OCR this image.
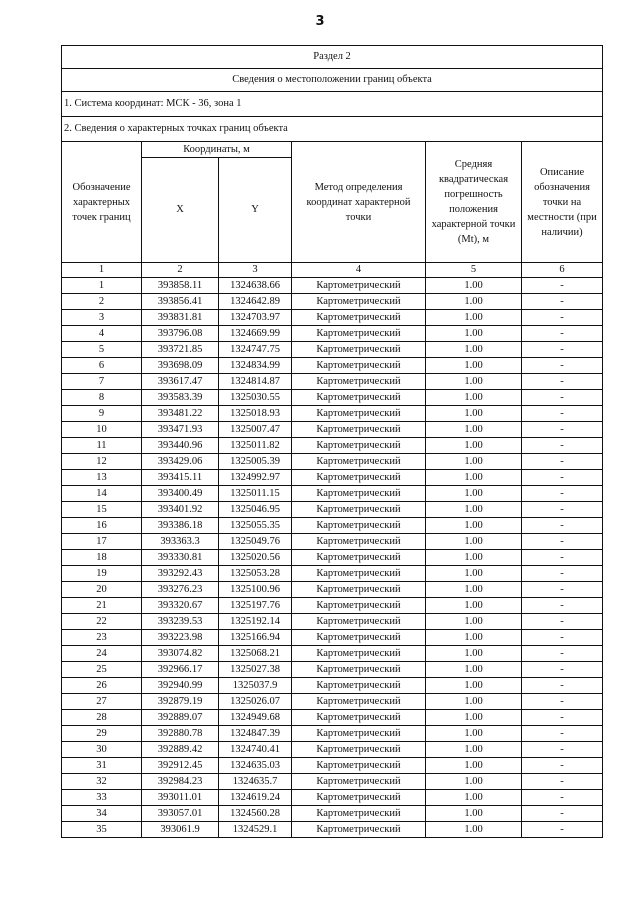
3
Раздел 2					
Сведения о местоположении границ объекта					
1. Система координат: МСК - 36, зона 1					
2. Сведения о характерных точках границ объекта					
Обозначение характерных точек границ	Координаты, м		Метод определения координат характерной точки	Средняя квадратическая погрешность положения характерной точки (Mt), м	Описание обозначения точки на местности (при наличии)
	X	Y			
1	2	3	4	5	6
1	393858.11	1324638.66	Картометрический	1.00	-
2	393856.41	1324642.89	Картометрический	1.00	-
3	393831.81	1324703.97	Картометрический	1.00	-
4	393796.08	1324669.99	Картометрический	1.00	-
5	393721.85	1324747.75	Картометрический	1.00	-
6	393698.09	1324834.99	Картометрический	1.00	-
7	393617.47	1324814.87	Картометрический	1.00	-
8	393583.39	1325030.55	Картометрический	1.00	-
9	393481.22	1325018.93	Картометрический	1.00	-
10	393471.93	1325007.47	Картометрический	1.00	-
11	393440.96	1325011.82	Картометрический	1.00	-
12	393429.06	1325005.39	Картометрический	1.00	-
13	393415.11	1324992.97	Картометрический	1.00	-
14	393400.49	1325011.15	Картометрический	1.00	-
15	393401.92	1325046.95	Картометрический	1.00	-
16	393386.18	1325055.35	Картометрический	1.00	-
17	393363.3	1325049.76	Картометрический	1.00	-
18	393330.81	1325020.56	Картометрический	1.00	-
19	393292.43	1325053.28	Картометрический	1.00	-
20	393276.23	1325100.96	Картометрический	1.00	-
21	393320.67	1325197.76	Картометрический	1.00	-
22	393239.53	1325192.14	Картометрический	1.00	-
23	393223.98	1325166.94	Картометрический	1.00	-
24	393074.82	1325068.21	Картометрический	1.00	-
25	392966.17	1325027.38	Картометрический	1.00	-
26	392940.99	1325037.9	Картометрический	1.00	-
27	392879.19	1325026.07	Картометрический	1.00	-
28	392889.07	1324949.68	Картометрический	1.00	-
29	392880.78	1324847.39	Картометрический	1.00	-
30	392889.42	1324740.41	Картометрический	1.00	-
31	392912.45	1324635.03	Картометрический	1.00	-
32	392984.23	1324635.7	Картометрический	1.00	-
33	393011.01	1324619.24	Картометрический	1.00	-
34	393057.01	1324560.28	Картометрический	1.00	-
35	393061.9	1324529.1	Картометрический	1.00	-
